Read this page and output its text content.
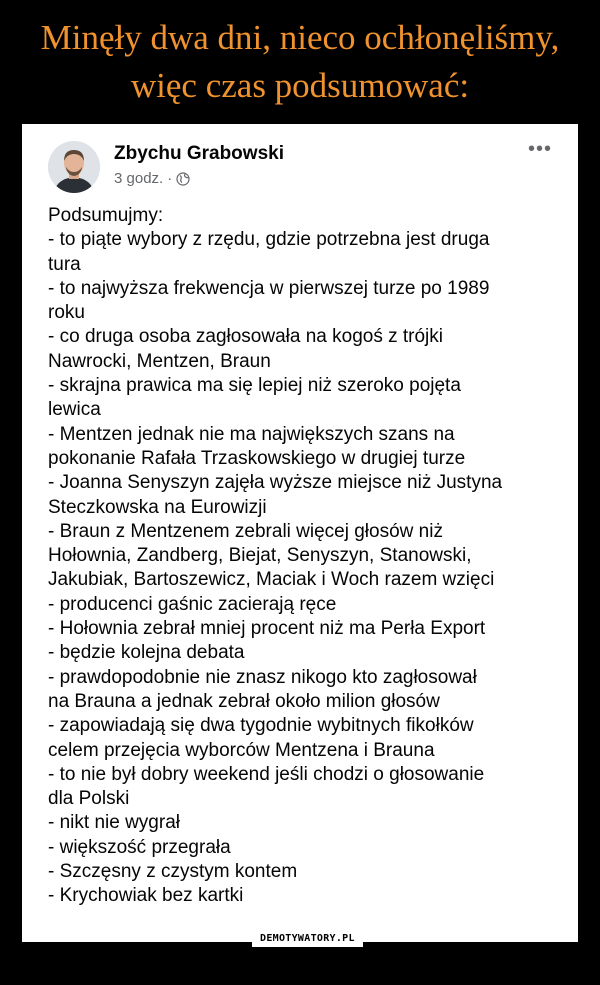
Minęły dwa dni, nieco ochłonęliśmy,
więc czas podsumować:
Zbychu Grabowski
3 godz. ·
•••
Podsumujmy:
- to piąte wybory z rzędu, gdzie potrzebna jest druga
tura
- to najwyższa frekwencja w pierwszej turze po 1989
roku
- co druga osoba zagłosowała na kogoś z trójki
Nawrocki, Mentzen, Braun
- skrajna prawica ma się lepiej niż szeroko pojęta
lewica
- Mentzen jednak nie ma największych szans na
pokonanie Rafała Trzaskowskiego w drugiej turze
- Joanna Senyszyn zajęła wyższe miejsce niż Justyna
Steczkowska na Eurowizji
- Braun z Mentzenem zebrali więcej głosów niż
Hołownia, Zandberg, Biejat, Senyszyn, Stanowski,
Jakubiak, Bartoszewicz, Maciak i Woch razem wzięci
- producenci gaśnic zacierają ręce
- Hołownia zebrał mniej procent niż ma Perła Export
- będzie kolejna debata
- prawdopodobnie nie znasz nikogo kto zagłosował
na Brauna a jednak zebrał około milion głosów
- zapowiadają się dwa tygodnie wybitnych fikołków
celem przejęcia wyborców Mentzena i Brauna
- to nie był dobry weekend jeśli chodzi o głosowanie
dla Polski
- nikt nie wygrał
- większość przegrała
- Szczęsny z czystym kontem
- Krychowiak bez kartki
DEMOTYWATORY.PL
